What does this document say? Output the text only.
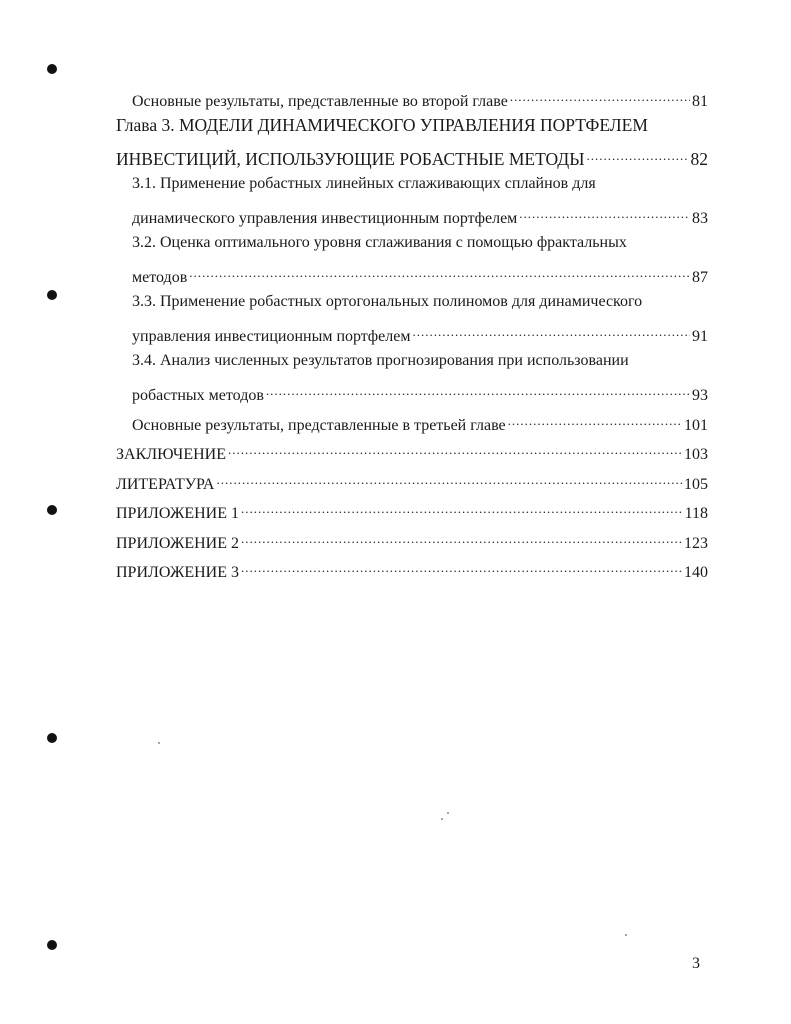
Основные результаты, представленные во второй главе .....	81
Глава 3. МОДЕЛИ ДИНАМИЧЕСКОГО УПРАВЛЕНИЯ ПОРТФЕЛЕМ
ИНВЕСТИЦИЙ, ИСПОЛЬЗУЮЩИЕ РОБАСТНЫЕ МЕТОДЫ .....	82
3.1. Применение робастных линейных сглаживающих сплайнов для
динамического управления инвестиционным портфелем .....	83
3.2. Оценка оптимального уровня сглаживания с помощью фрактальных
методов .....	87
3.3. Применение робастных ортогональных полиномов для динамического
управления инвестиционным портфелем .....	91
3.4. Анализ численных результатов прогнозирования при использовании
робастных методов .....	93
Основные результаты, представленные в третьей главе .....	101
ЗАКЛЮЧЕНИЕ .....	103
ЛИТЕРАТУРА .....	105
ПРИЛОЖЕНИЕ 1 .....	118
ПРИЛОЖЕНИЕ 2 .....	123
ПРИЛОЖЕНИЕ 3 .....	140
3
